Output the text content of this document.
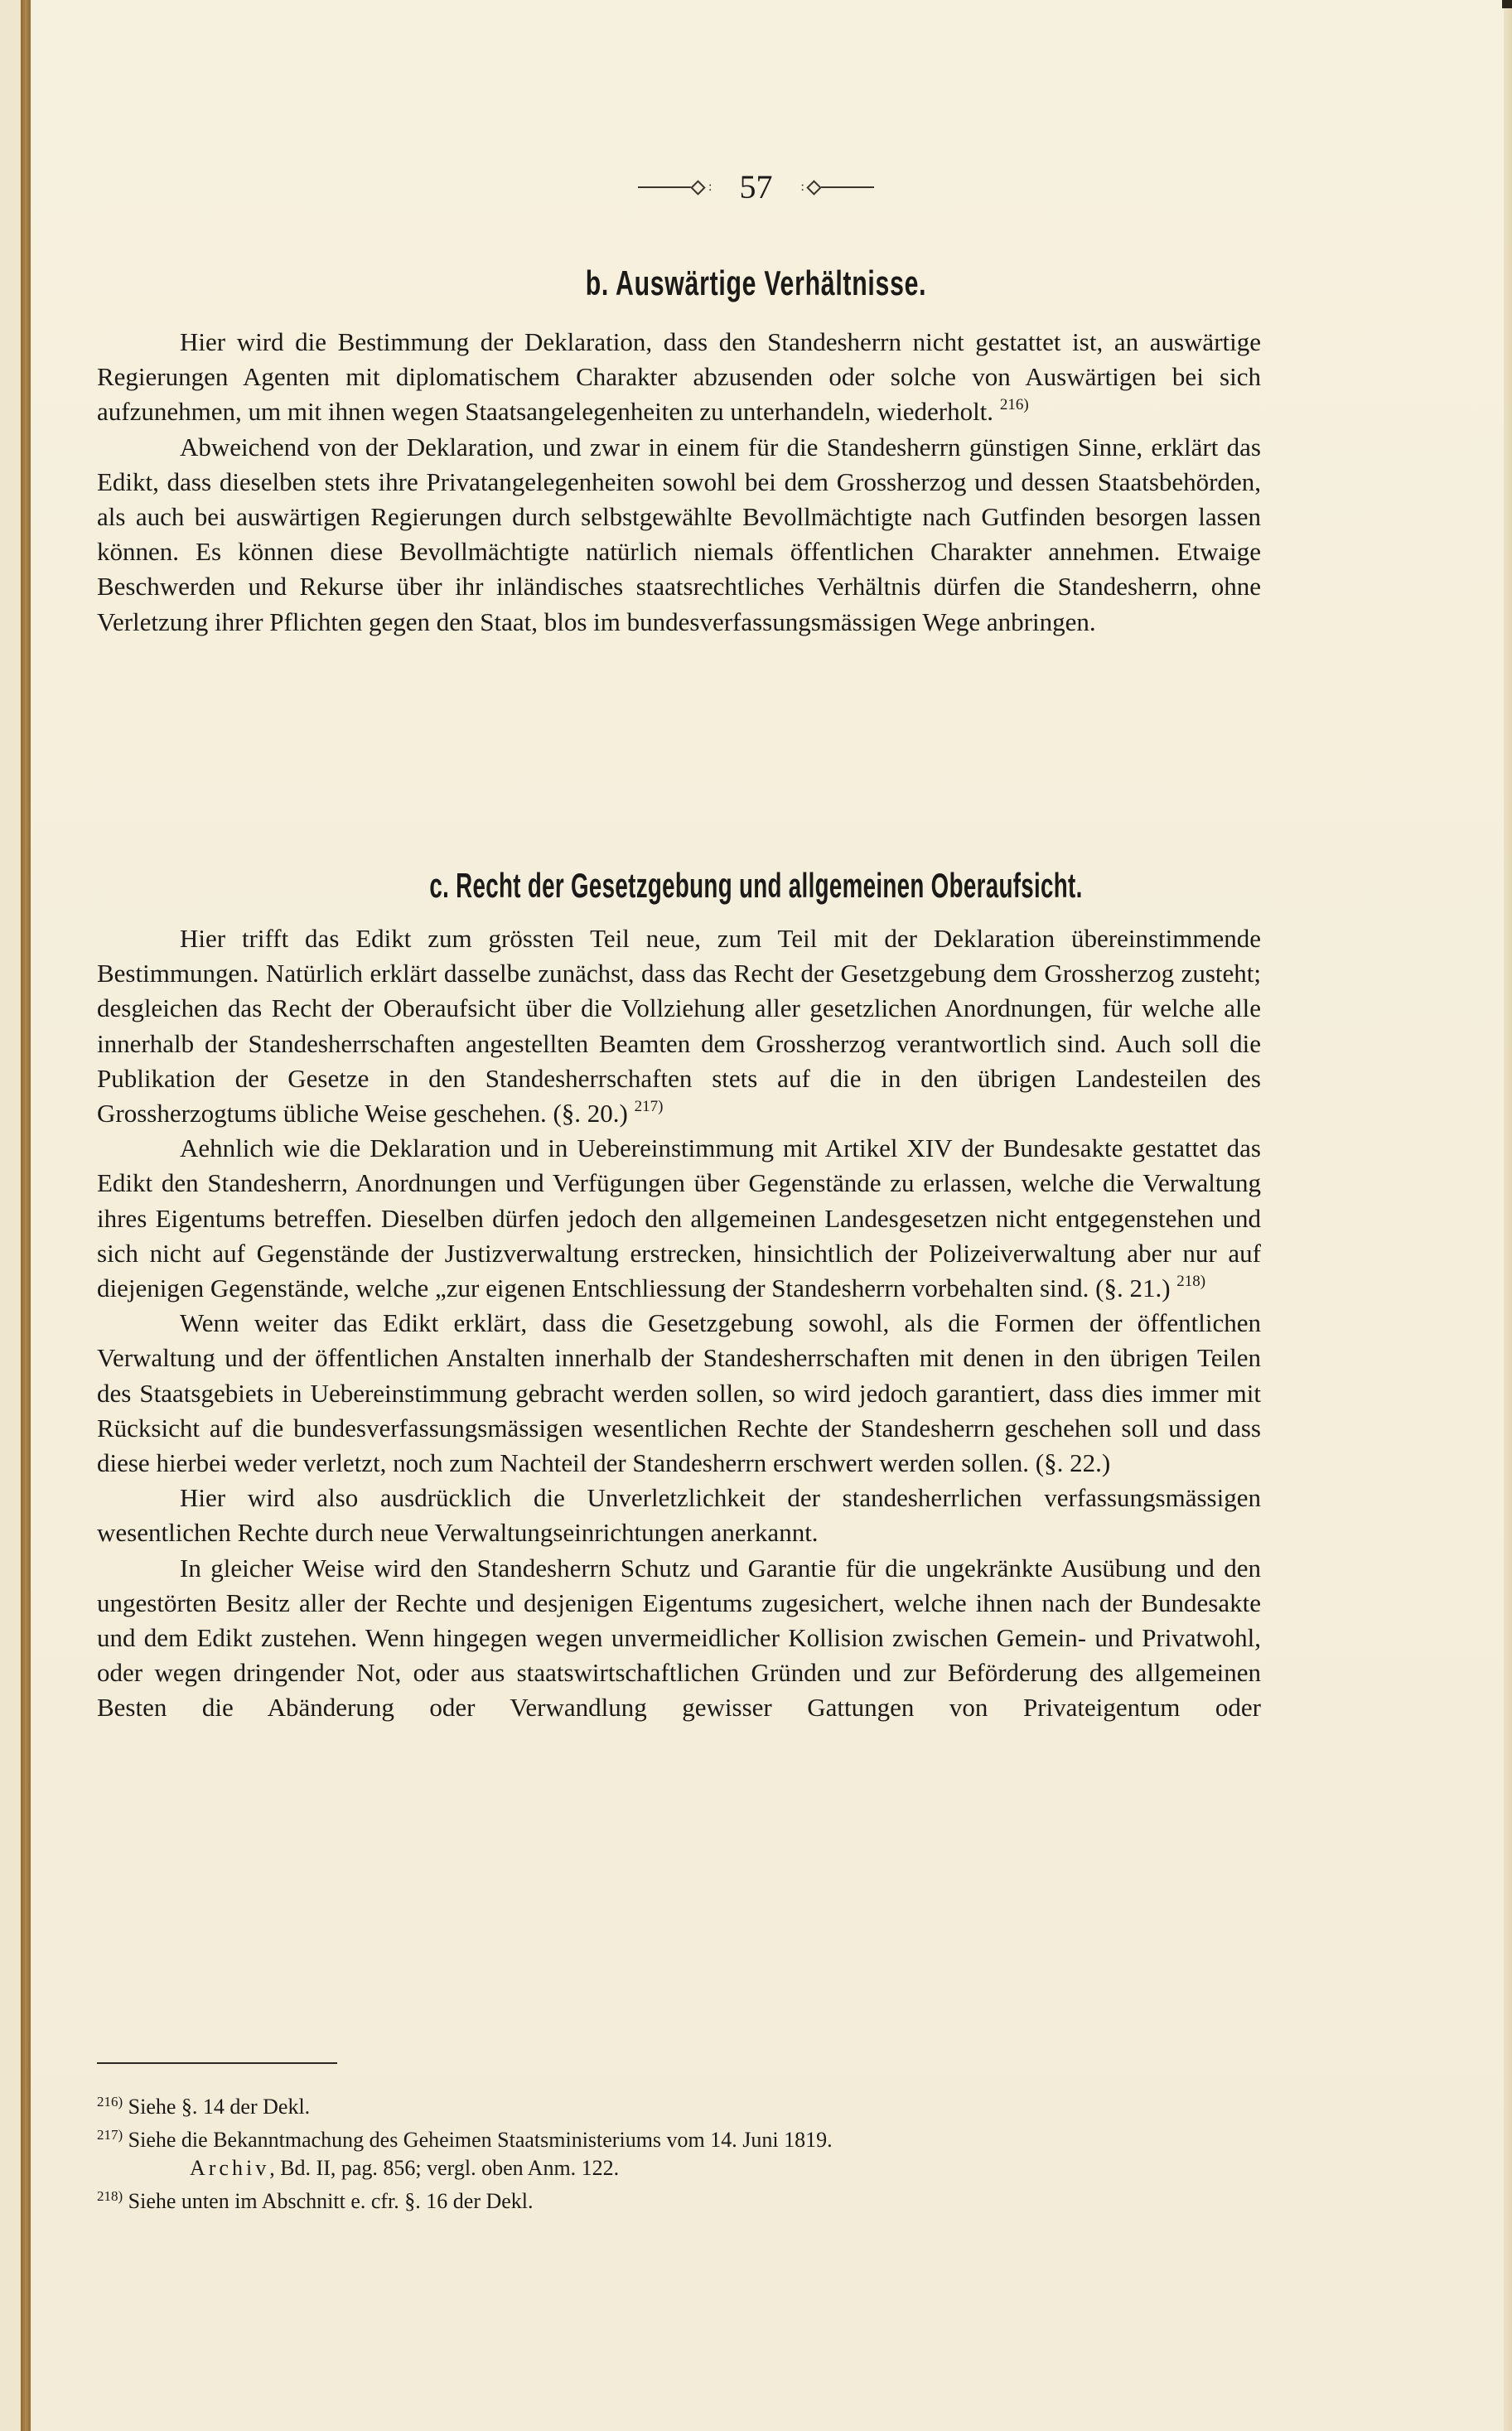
: 57 :
b. Auswärtige Verhältnisse.

Hier wird die Bestimmung der Deklaration, dass den Standesherrn nicht gestattet ist, an auswärtige Regierungen Agenten mit diplomatischem Charakter abzusenden oder solche von Auswärtigen bei sich aufzunehmen, um mit ihnen wegen Staatsangelegenheiten zu unterhandeln, wiederholt. $^{216)}$

Abweichend von der Deklaration, und zwar in einem für die Standesherrn günstigen Sinne, erklärt das Edikt, dass dieselben stets ihre Privatangelegenheiten sowohl bei dem Grossherzog und dessen Staatsbehörden, als auch bei auswärtigen Regierungen durch selbstgewählte Bevollmächtigte nach Gutfinden besorgen lassen können. Es können diese Bevollmächtigte natürlich niemals öffentlichen Charakter annehmen. Etwaige Beschwerden und Rekurse über ihr inländisches staatsrechtliches Verhältnis dürfen die Standesherrn, ohne Verletzung ihrer Pflichten gegen den Staat, blos im bundesverfassungsmässigen Wege anbringen.

c. Recht der Gesetzgebung und allgemeinen Oberaufsicht.

Hier trifft das Edikt zum grössten Teil neue, zum Teil mit der Deklaration übereinstimmende Bestimmungen. Natürlich erklärt dasselbe zunächst, dass das Recht der Gesetzgebung dem Grossherzog zusteht; desgleichen das Recht der Oberaufsicht über die Vollziehung aller gesetzlichen Anordnungen, für welche alle innerhalb der Standesherrschaften angestellten Beamten dem Grossherzog verantwortlich sind. Auch soll die Publikation der Gesetze in den Standesherrschaften stets auf die in den übrigen Landesteilen des Grossherzogtums übliche Weise geschehen. (§. 20.) $^{217)}$

Aehnlich wie die Deklaration und in Uebereinstimmung mit Artikel XIV der Bundesakte gestattet das Edikt den Standesherrn, Anordnungen und Verfügungen über Gegenstände zu erlassen, welche die Verwaltung ihres Eigentums betreffen. Dieselben dürfen jedoch den allgemeinen Landesgesetzen nicht entgegenstehen und sich nicht auf Gegenstände der Justizverwaltung erstrecken, hinsichtlich der Polizeiverwaltung aber nur auf diejenigen Gegenstände, welche „zur eigenen Entschliessung der Standesherrn vorbehalten sind. (§. 21.) $^{218)}$

Wenn weiter das Edikt erklärt, dass die Gesetzgebung sowohl, als die Formen der öffentlichen Verwaltung und der öffentlichen Anstalten innerhalb der Standesherrschaften mit denen in den übrigen Teilen des Staatsgebiets in Uebereinstimmung gebracht werden sollen, so wird jedoch garantiert, dass dies immer mit Rücksicht auf die bundesverfassungsmässigen wesentlichen Rechte der Standesherrn geschehen soll und dass diese hierbei weder verletzt, noch zum Nachteil der Standesherrn erschwert werden sollen. (§. 22.)

Hier wird also ausdrücklich die Unverletzlichkeit der standesherrlichen verfassungsmässigen wesentlichen Rechte durch neue Verwaltungseinrichtungen anerkannt.

In gleicher Weise wird den Standesherrn Schutz und Garantie für die ungekränkte Ausübung und den ungestörten Besitz aller der Rechte und desjenigen Eigentums zugesichert, welche ihnen nach der Bundesakte und dem Edikt zustehen. Wenn hingegen wegen unvermeidlicher Kollision zwischen Gemein- und Privatwohl, oder wegen dringender Not, oder aus staatswirtschaftlichen Gründen und zur Beförderung des allgemeinen Besten die Abänderung oder Verwandlung gewisser Gattungen von Privateigentum oder

$^{216)}$ Siehe §. 14 der Dekl.
$^{217)}$ Siehe die Bekanntmachung des Geheimen Staatsministeriums vom 14. Juni 1819.
Archiv, Bd. II, pag. 856; vergl. oben Anm. 122.
$^{218)}$ Siehe unten im Abschnitt e. cfr. §. 16 der Dekl.
